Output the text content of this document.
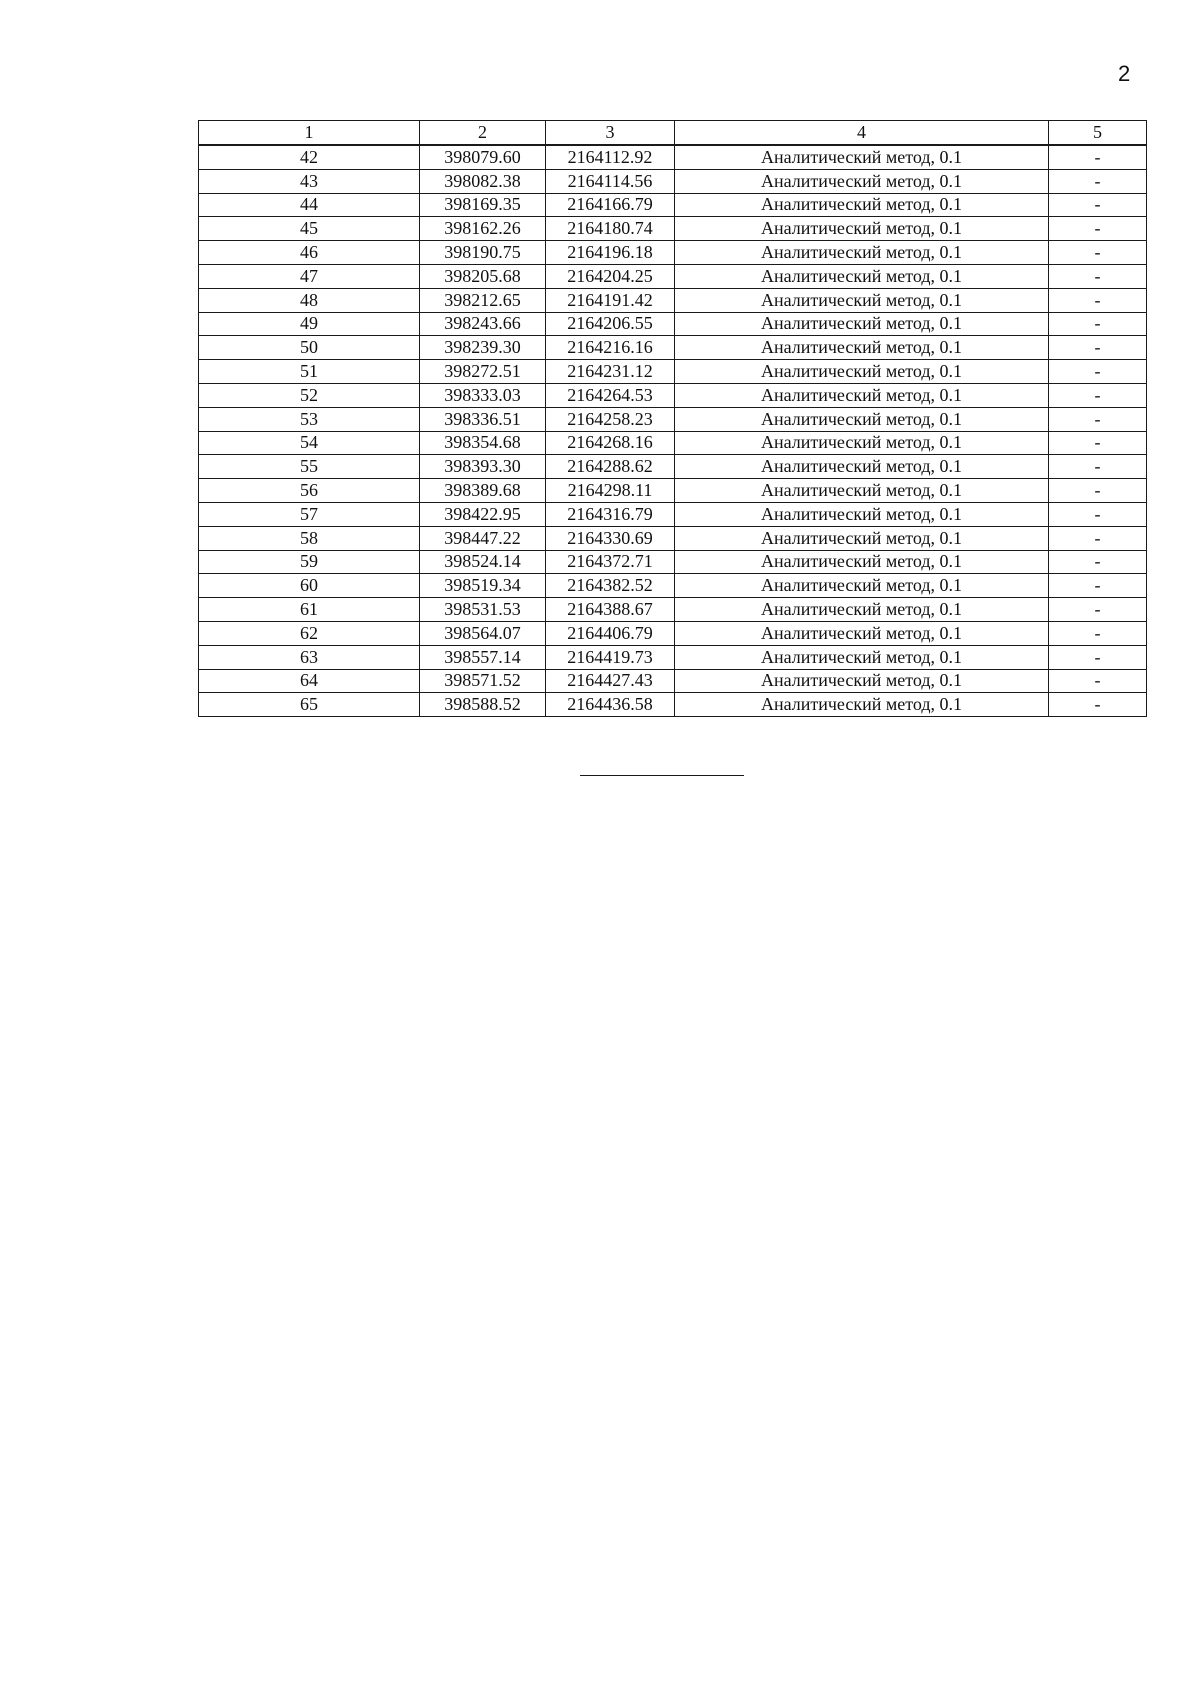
2
1	2	3	4	5
42	398079.60	2164112.92	Аналитический метод, 0.1	-
43	398082.38	2164114.56	Аналитический метод, 0.1	-
44	398169.35	2164166.79	Аналитический метод, 0.1	-
45	398162.26	2164180.74	Аналитический метод, 0.1	-
46	398190.75	2164196.18	Аналитический метод, 0.1	-
47	398205.68	2164204.25	Аналитический метод, 0.1	-
48	398212.65	2164191.42	Аналитический метод, 0.1	-
49	398243.66	2164206.55	Аналитический метод, 0.1	-
50	398239.30	2164216.16	Аналитический метод, 0.1	-
51	398272.51	2164231.12	Аналитический метод, 0.1	-
52	398333.03	2164264.53	Аналитический метод, 0.1	-
53	398336.51	2164258.23	Аналитический метод, 0.1	-
54	398354.68	2164268.16	Аналитический метод, 0.1	-
55	398393.30	2164288.62	Аналитический метод, 0.1	-
56	398389.68	2164298.11	Аналитический метод, 0.1	-
57	398422.95	2164316.79	Аналитический метод, 0.1	-
58	398447.22	2164330.69	Аналитический метод, 0.1	-
59	398524.14	2164372.71	Аналитический метод, 0.1	-
60	398519.34	2164382.52	Аналитический метод, 0.1	-
61	398531.53	2164388.67	Аналитический метод, 0.1	-
62	398564.07	2164406.79	Аналитический метод, 0.1	-
63	398557.14	2164419.73	Аналитический метод, 0.1	-
64	398571.52	2164427.43	Аналитический метод, 0.1	-
65	398588.52	2164436.58	Аналитический метод, 0.1	-
